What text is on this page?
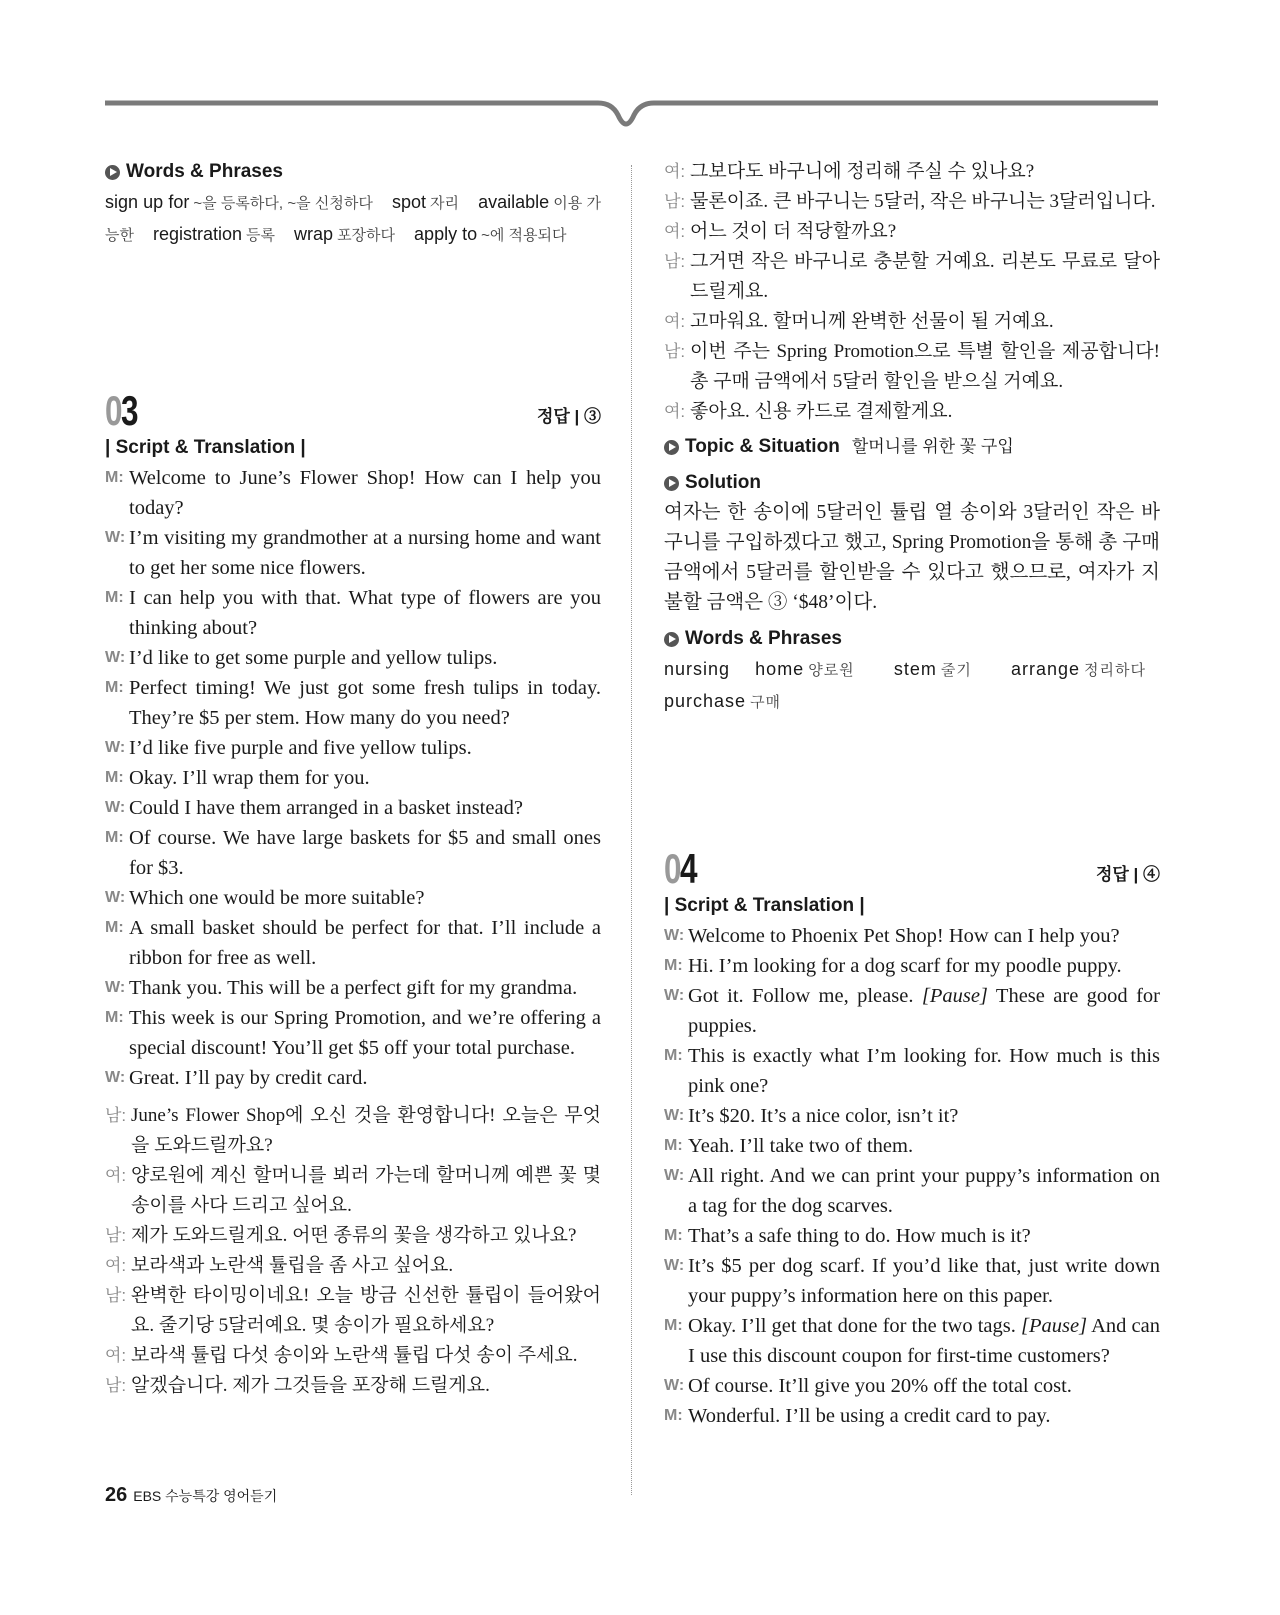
Words & Phrases
sign up for ~을 등록하다, ~을 신청하다 spot 자리 available 이용 가능한 registration 등록 wrap 포장하다 apply to ~에 적용되다
03	정답 | ③
| Script & Translation |
M: Welcome to June’s Flower Shop! How can I help you today?
W: I’m visiting my grandmother at a nursing home and want to get her some nice flowers.
M: I can help you with that. What type of flowers are you thinking about?
W: I’d like to get some purple and yellow tulips.
M: Perfect timing! We just got some fresh tulips in today. They’re $5 per stem. How many do you need?
W: I’d like five purple and five yellow tulips.
M: Okay. I’ll wrap them for you.
W: Could I have them arranged in a basket instead?
M: Of course. We have large baskets for $5 and small ones for $3.
W: Which one would be more suitable?
M: A small basket should be perfect for that. I’ll include a ribbon for free as well.
W: Thank you. This will be a perfect gift for my grandma.
M: This week is our Spring Promotion, and we’re offering a special discount! You’ll get $5 off your total purchase.
W: Great. I’ll pay by credit card.
남: June’s Flower Shop에 오신 것을 환영합니다! 오늘은 무엇을 도와드릴까요?
여: 양로원에 계신 할머니를 뵈러 가는데 할머니께 예쁜 꽃 몇 송이를 사다 드리고 싶어요.
남: 제가 도와드릴게요. 어떤 종류의 꽃을 생각하고 있나요?
여: 보라색과 노란색 튤립을 좀 사고 싶어요.
남: 완벽한 타이밍이네요! 오늘 방금 신선한 튤립이 들어왔어요. 줄기당 5달러예요. 몇 송이가 필요하세요?
여: 보라색 튤립 다섯 송이와 노란색 튤립 다섯 송이 주세요.
남: 알겠습니다. 제가 그것들을 포장해 드릴게요.
여: 그보다도 바구니에 정리해 주실 수 있나요?
남: 물론이죠. 큰 바구니는 5달러, 작은 바구니는 3달러입니다.
여: 어느 것이 더 적당할까요?
남: 그거면 작은 바구니로 충분할 거예요. 리본도 무료로 달아 드릴게요.
여: 고마워요. 할머니께 완벽한 선물이 될 거예요.
남: 이번 주는 Spring Promotion으로 특별 할인을 제공합니다! 총 구매 금액에서 5달러 할인을 받으실 거예요.
여: 좋아요. 신용 카드로 결제할게요.
Topic & Situation 할머니를 위한 꽃 구입
Solution
여자는 한 송이에 5달러인 튤립 열 송이와 3달러인 작은 바구니를 구입하겠다고 했고, Spring Promotion을 통해 총 구매 금액에서 5달러를 할인받을 수 있다고 했으므로, 여자가 지불할 금액은 ③ ‘$48’이다.
Words & Phrases
nursing home 양로원 stem 줄기 arrange 정리하다 purchase 구매
04	정답 | ④
| Script & Translation |
W: Welcome to Phoenix Pet Shop! How can I help you?
M: Hi. I’m looking for a dog scarf for my poodle puppy.
W: Got it. Follow me, please. [Pause] These are good for puppies.
M: This is exactly what I’m looking for. How much is this pink one?
W: It’s $20. It’s a nice color, isn’t it?
M: Yeah. I’ll take two of them.
W: All right. And we can print your puppy’s information on a tag for the dog scarves.
M: That’s a safe thing to do. How much is it?
W: It’s $5 per dog scarf. If you’d like that, just write down your puppy’s information here on this paper.
M: Okay. I’ll get that done for the two tags. [Pause] And can I use this discount coupon for first-time customers?
W: Of course. It’ll give you 20% off the total cost.
M: Wonderful. I’ll be using a credit card to pay.
26 EBS 수능특강 영어듣기
